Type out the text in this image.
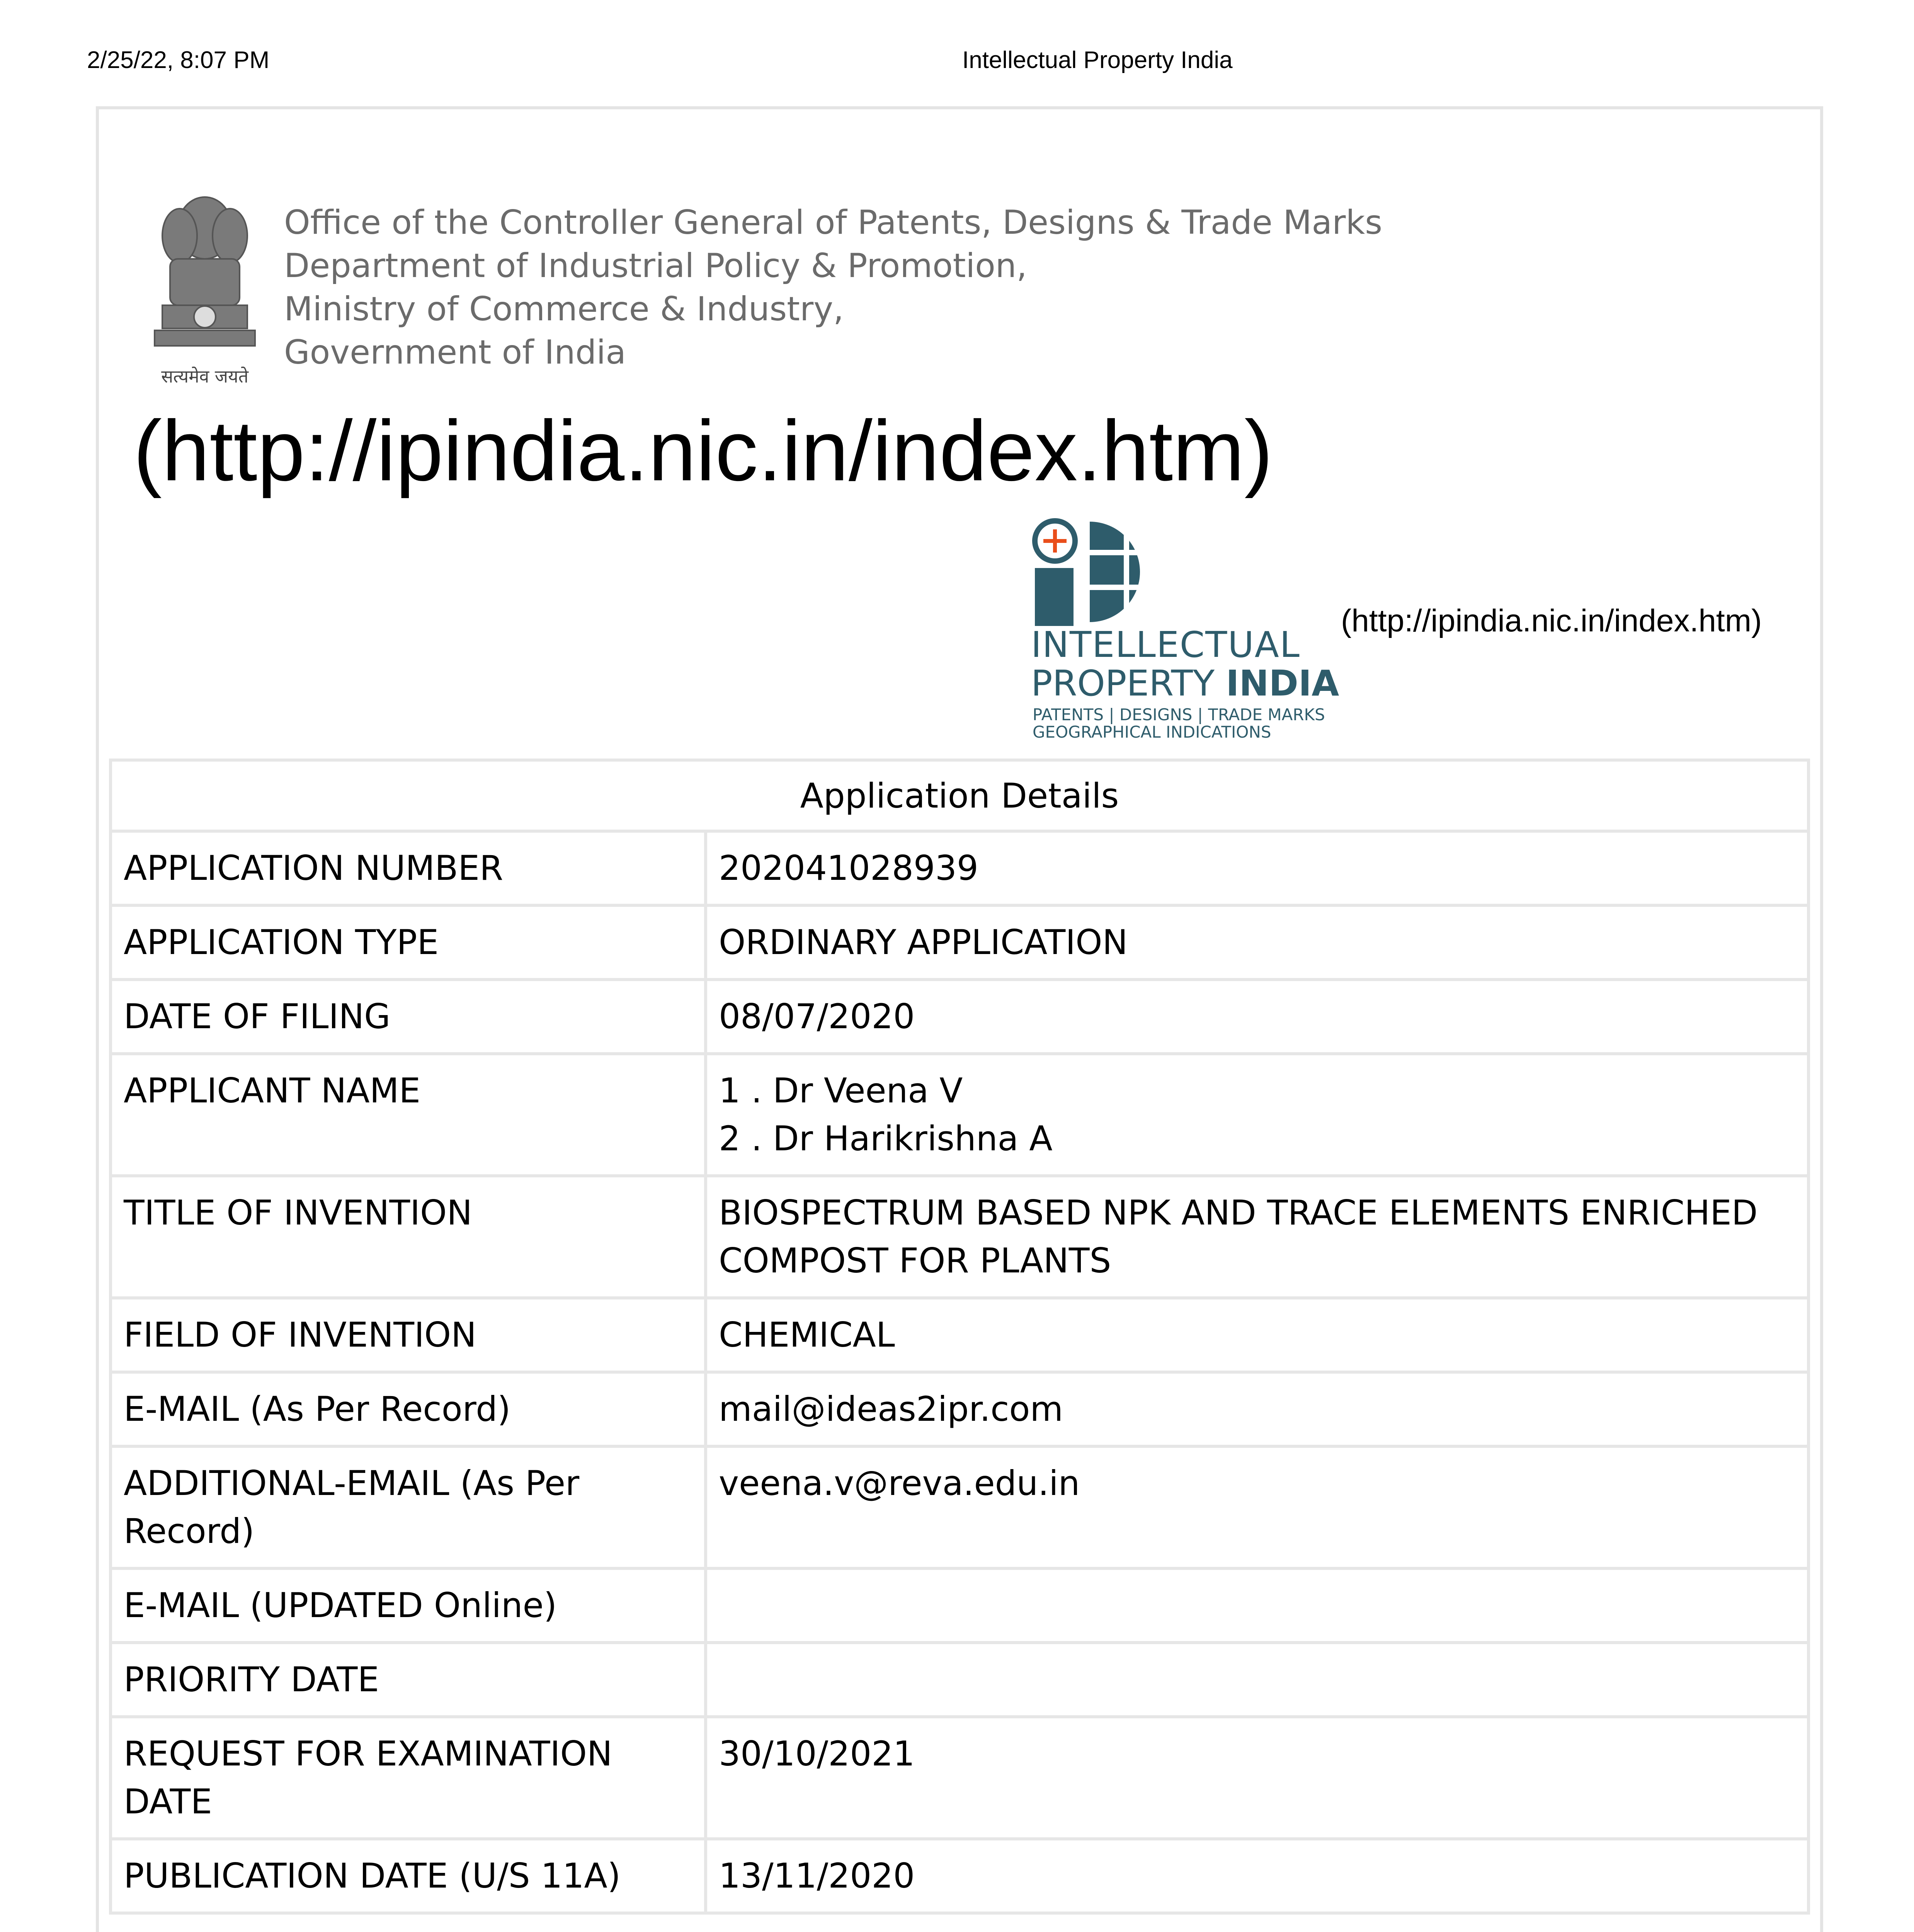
2/25/22, 8:07 PM	Intellectual Property India
सत्यमेव जयते
Office of the Controller General of Patents, Designs & Trade Marks
Department of Industrial Policy & Promotion,
Ministry of Commerce & Industry,
Government of India
(http://ipindia.nic.in/index.htm)
INTELLECTUAL
PROPERTY INDIA
PATENTS | DESIGNS | TRADE MARKS
GEOGRAPHICAL INDICATIONS
(http://ipindia.nic.in/index.htm)
Application Details	
APPLICATION NUMBER	202041028939
APPLICATION TYPE	ORDINARY APPLICATION
DATE OF FILING	08/07/2020
APPLICANT NAME	1 . Dr Veena V
2 . Dr Harikrishna A

TITLE OF INVENTION	BIOSPECTRUM BASED NPK AND TRACE ELEMENTS ENRICHED
COMPOST FOR PLANTS

FIELD OF INVENTION	CHEMICAL
E-MAIL (As Per Record)	mail@ideas2ipr.com
ADDITIONAL-EMAIL (As Per Record)	veena.v@reva.edu.in
E-MAIL (UPDATED Online)	
PRIORITY DATE	
REQUEST FOR EXAMINATION DATE	30/10/2021
PUBLICATION DATE (U/S 11A)	13/11/2020
